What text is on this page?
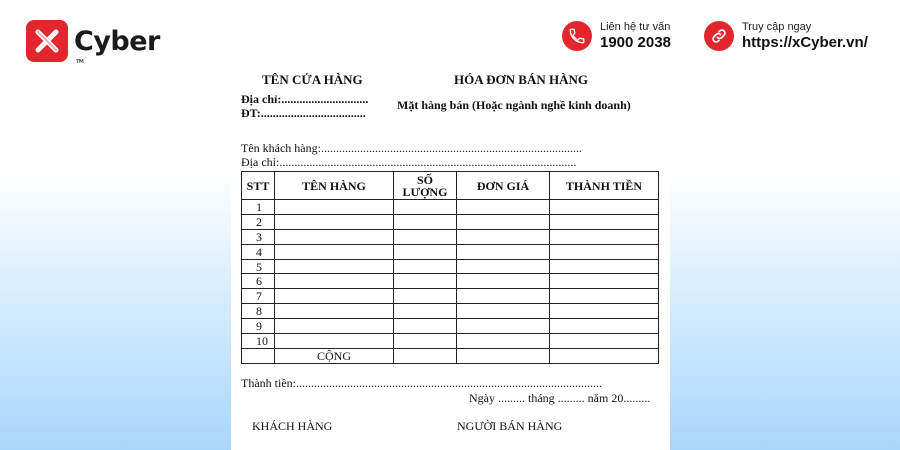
Cyber
TM
Liên hệ tư vấn
1900 2038
Truy cập ngay
https://xCyber.vn/
TÊN CỬA HÀNG	HÓA ĐƠN BÁN HÀNG
Địa chỉ:.............................
ĐT:...................................
Mặt hàng bán (Hoặc ngành nghề kinh doanh)
Tên khách hàng:.......................................................................................
Địa chỉ:...................................................................................................
STT	TÊN HÀNG	SỐ LƯỢNG	ĐƠN GIÁ	THÀNH TIỀN
1				
2				
3				
4				
5				
6				
7				
8				
9				
10				
	CỘNG			
Thành tiền:......................................................................................................
Ngày ......... tháng ......... năm 20.........
KHÁCH HÀNG	NGƯỜI BÁN HÀNG
